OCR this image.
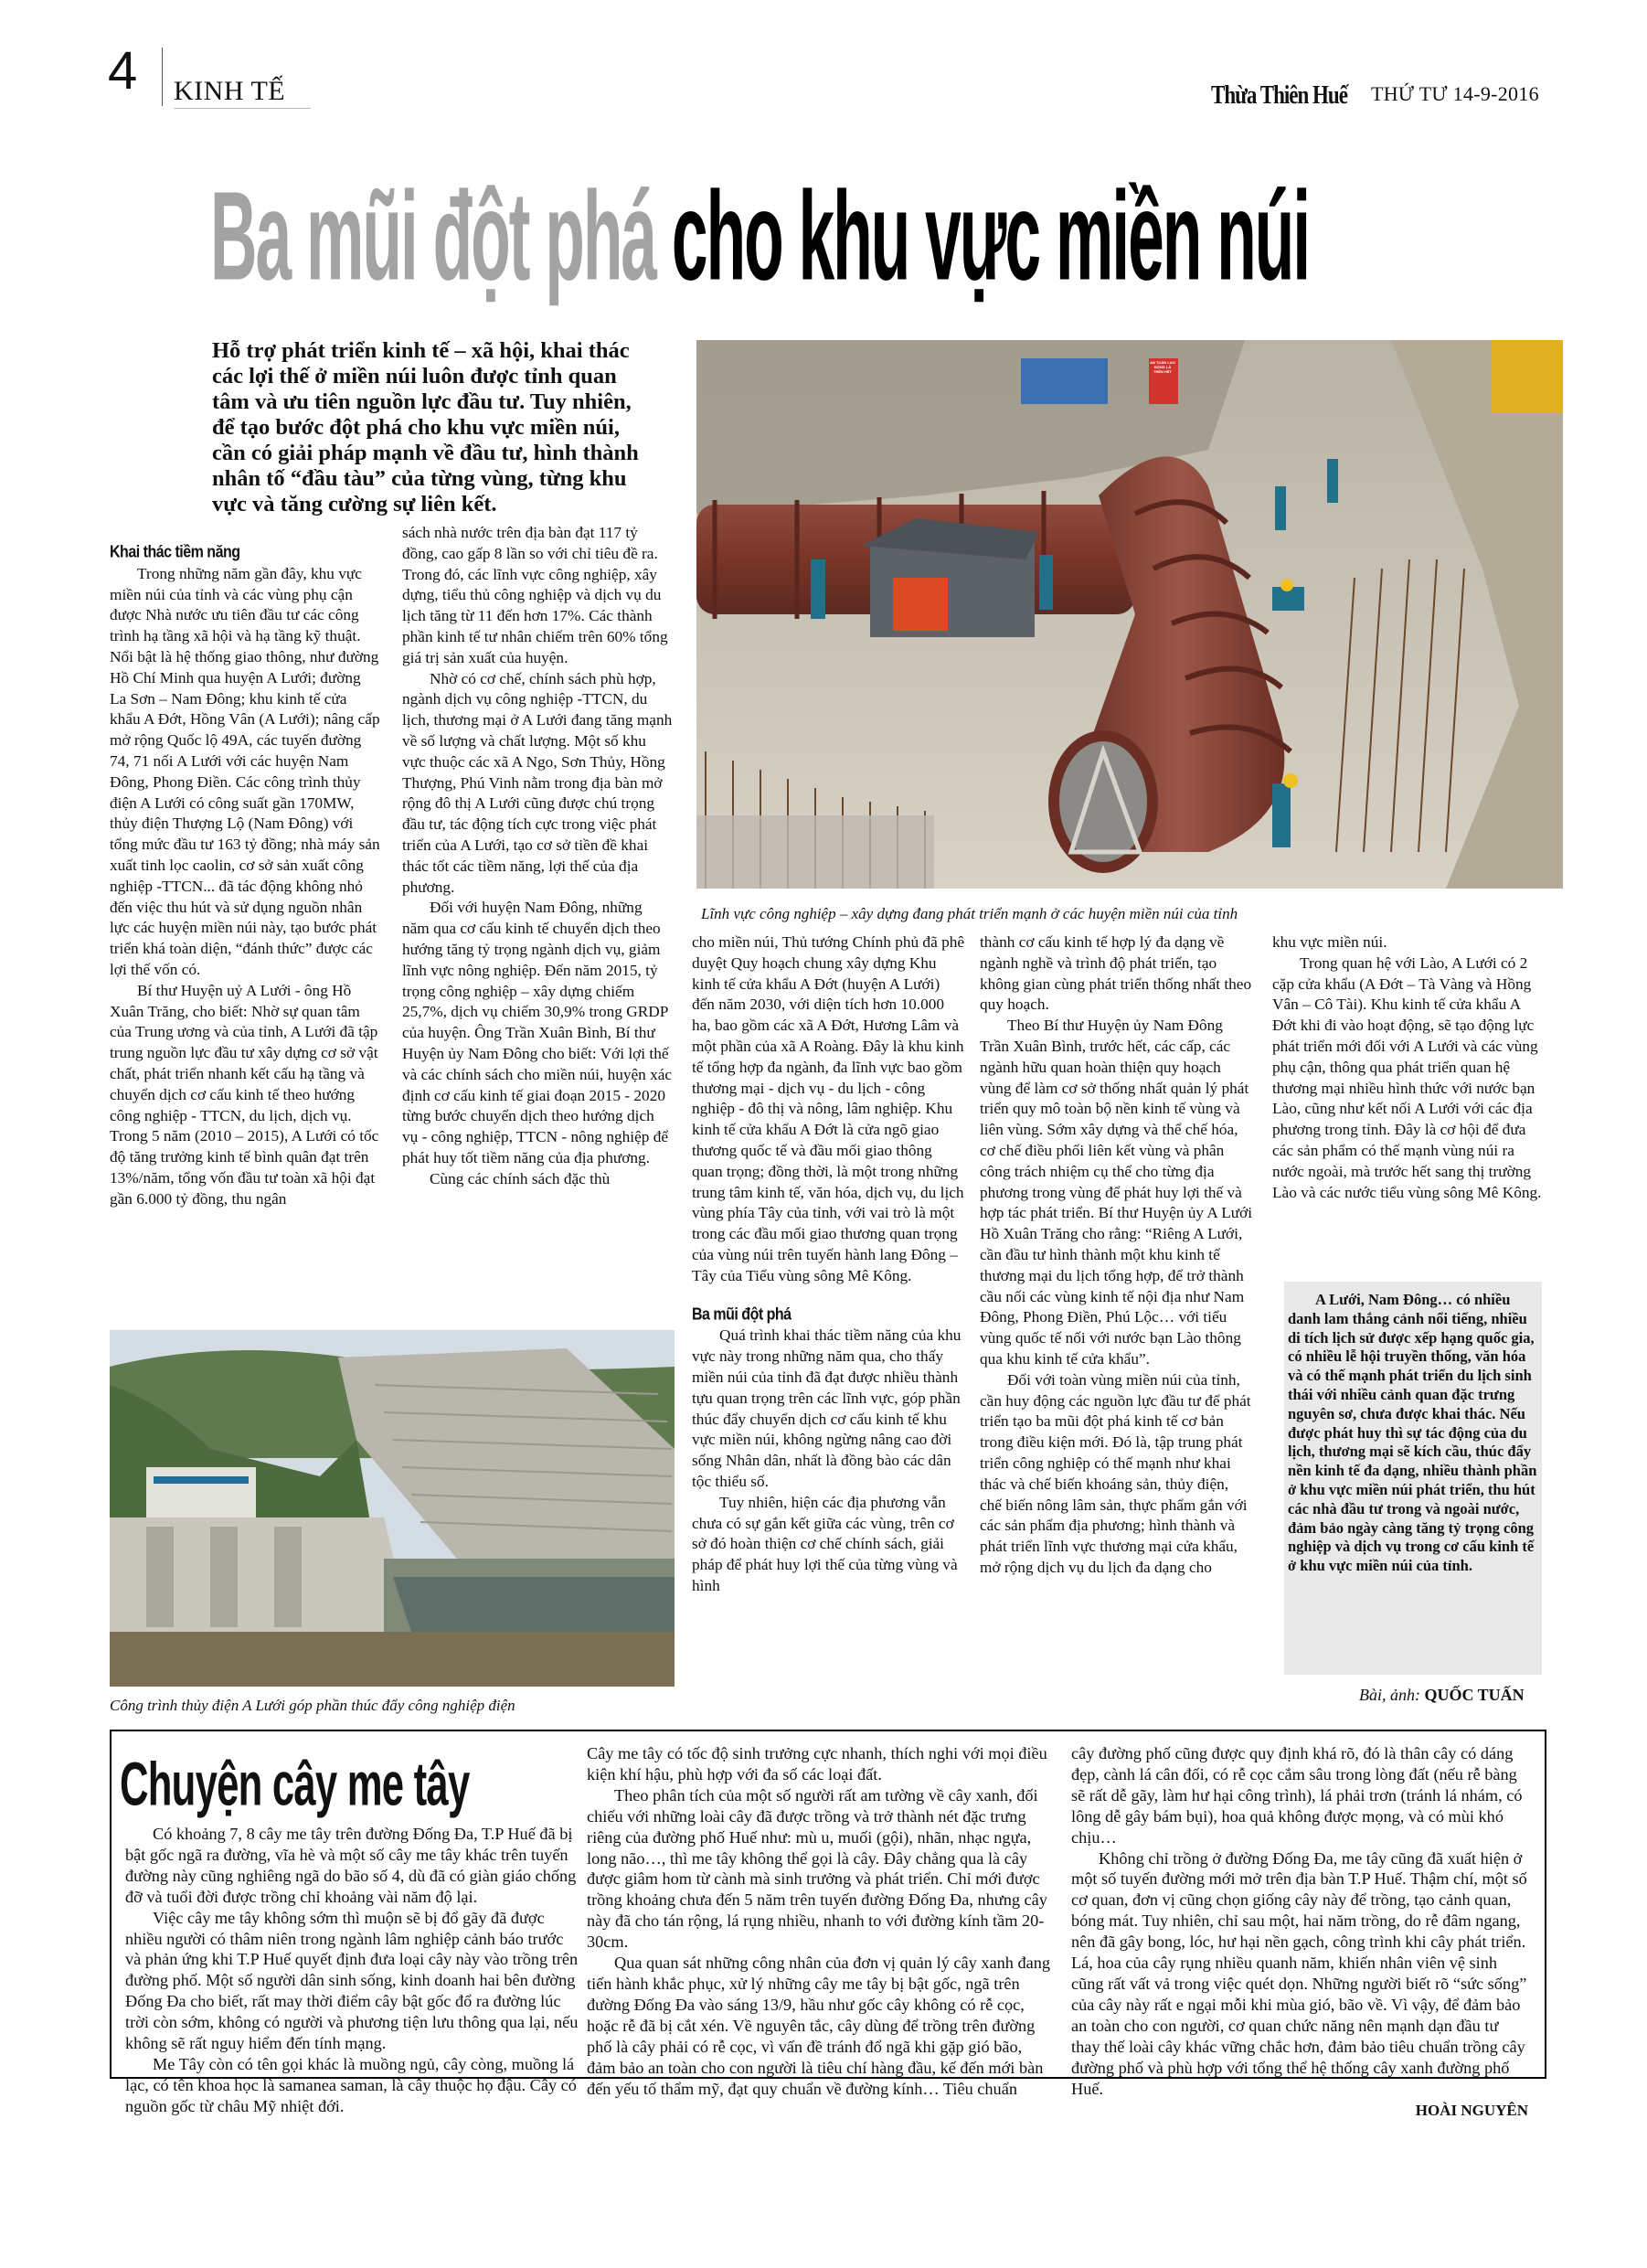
4 KINH TẾ	Thừa Thiên Huế THỨ TƯ 14-9-2016
Ba mũi đột phá cho khu vực miền núi
Hỗ trợ phát triển kinh tế – xã hội, khai thác các lợi thế ở miền núi luôn được tỉnh quan tâm và ưu tiên nguồn lực đầu tư. Tuy nhiên, để tạo bước đột phá cho khu vực miền núi, cần có giải pháp mạnh về đầu tư, hình thành nhân tố “đầu tàu” của từng vùng, từng khu vực và tăng cường sự liên kết.
Lĩnh vực công nghiệp – xây dựng đang phát triển mạnh ở các huyện miền núi của tỉnh
Khai thác tiềm năng

Trong những năm gần đây, khu vực miền núi của tỉnh và các vùng phụ cận được Nhà nước ưu tiên đầu tư các công trình hạ tầng xã hội và hạ tầng kỹ thuật. Nổi bật là hệ thống giao thông, như đường Hồ Chí Minh qua huyện A Lưới; đường La Sơn – Nam Đông; khu kinh tế cửa khẩu A Đớt, Hồng Vân (A Lưới); nâng cấp mở rộng Quốc lộ 49A, các tuyến đường 74, 71 nối A Lưới với các huyện Nam Đông, Phong Điền. Các công trình thủy điện A Lưới có công suất gần 170MW, thủy điện Thượng Lộ (Nam Đông) với tổng mức đầu tư 163 tỷ đồng; nhà máy sản xuất tinh lọc caolin, cơ sở sản xuất công nghiệp -TTCN... đã tác động không nhỏ đến việc thu hút và sử dụng nguồn nhân lực các huyện miền núi này, tạo bước phát triển khá toàn diện, “đánh thức” được các lợi thế vốn có.

Bí thư Huyện uỷ A Lưới - ông Hồ Xuân Trăng, cho biết: Nhờ sự quan tâm của Trung ương và của tỉnh, A Lưới đã tập trung nguồn lực đầu tư xây dựng cơ sở vật chất, phát triển nhanh kết cấu hạ tầng và chuyển dịch cơ cấu kinh tế theo hướng công nghiệp - TTCN, du lịch, dịch vụ. Trong 5 năm (2010 – 2015), A Lưới có tốc độ tăng trưởng kinh tế bình quân đạt trên 13%/năm, tổng vốn đầu tư toàn xã hội đạt gần 6.000 tỷ đồng, thu ngân

sách nhà nước trên địa bàn đạt 117 tỷ đồng, cao gấp 8 lần so với chỉ tiêu đề ra. Trong đó, các lĩnh vực công nghiệp, xây dựng, tiểu thủ công nghiệp và dịch vụ du lịch tăng từ 11 đến hơn 17%. Các thành phần kinh tế tư nhân chiếm trên 60% tổng giá trị sản xuất của huyện.

Nhờ có cơ chế, chính sách phù hợp, ngành dịch vụ công nghiệp -TTCN, du lịch, thương mại ở A Lưới đang tăng mạnh về số lượng và chất lượng. Một số khu vực thuộc các xã A Ngo, Sơn Thủy, Hồng Thượng, Phú Vinh nằm trong địa bàn mở rộng đô thị A Lưới cũng được chú trọng đầu tư, tác động tích cực trong việc phát triển của A Lưới, tạo cơ sở tiền đề khai thác tốt các tiềm năng, lợi thế của địa phương.

Đối với huyện Nam Đông, những năm qua cơ cấu kinh tế chuyển dịch theo hướng tăng tỷ trọng ngành dịch vụ, giảm lĩnh vực nông nghiệp. Đến năm 2015, tỷ trọng công nghiệp – xây dựng chiếm 25,7%, dịch vụ chiếm 30,9% trong GRDP của huyện. Ông Trần Xuân Bình, Bí thư Huyện ủy Nam Đông cho biết: Với lợi thế và các chính sách cho miền núi, huyện xác định cơ cấu kinh tế giai đoạn 2015 - 2020 từng bước chuyển dịch theo hướng dịch vụ - công nghiệp, TTCN - nông nghiệp để phát huy tốt tiềm năng của địa phương.

Cùng các chính sách đặc thù

Công trình thủy điện A Lưới góp phần thúc đẩy công nghiệp điện

cho miền núi, Thủ tướng Chính phủ đã phê duyệt Quy hoạch chung xây dựng Khu kinh tế cửa khẩu A Đớt (huyện A Lưới) đến năm 2030, với diện tích hơn 10.000 ha, bao gồm các xã A Đớt, Hương Lâm và một phần của xã A Roàng. Đây là khu kinh tế tổng hợp đa ngành, đa lĩnh vực bao gồm thương mại - dịch vụ - du lịch - công nghiệp - đô thị và nông, lâm nghiệp. Khu kinh tế cửa khẩu A Đớt là cửa ngõ giao thương quốc tế và đầu mối giao thông quan trọng; đồng thời, là một trong những trung tâm kinh tế, văn hóa, dịch vụ, du lịch vùng phía Tây của tỉnh, với vai trò là một trong các đầu mối giao thương quan trọng của vùng núi trên tuyến hành lang Đông – Tây của Tiểu vùng sông Mê Kông.

Ba mũi đột phá

Quá trình khai thác tiềm năng của khu vực này trong những năm qua, cho thấy miền núi của tỉnh đã đạt được nhiều thành tựu quan trọng trên các lĩnh vực, góp phần thúc đẩy chuyển dịch cơ cấu kinh tế khu vực miền núi, không ngừng nâng cao đời sống Nhân dân, nhất là đồng bào các dân tộc thiểu số.

Tuy nhiên, hiện các địa phương vẫn chưa có sự gắn kết giữa các vùng, trên cơ sở đó hoàn thiện cơ chế chính sách, giải pháp để phát huy lợi thế của từng vùng và hình

thành cơ cấu kinh tế hợp lý đa dạng về ngành nghề và trình độ phát triển, tạo không gian cùng phát triển thống nhất theo quy hoạch.

Theo Bí thư Huyện ủy Nam Đông Trần Xuân Bình, trước hết, các cấp, các ngành hữu quan hoàn thiện quy hoạch vùng để làm cơ sở thống nhất quản lý phát triển quy mô toàn bộ nền kinh tế vùng và liên vùng. Sớm xây dựng và thể chế hóa, cơ chế điều phối liên kết vùng và phân công trách nhiệm cụ thể cho từng địa phương trong vùng để phát huy lợi thế và hợp tác phát triển. Bí thư Huyện ủy A Lưới Hồ Xuân Trăng cho rằng: “Riêng A Lưới, cần đầu tư hình thành một khu kinh tế thương mại du lịch tổng hợp, để trở thành cầu nối các vùng kinh tế nội địa như Nam Đông, Phong Điền, Phú Lộc… với tiểu vùng quốc tế nối với nước bạn Lào thông qua khu kinh tế cửa khẩu”.

Đối với toàn vùng miền núi của tỉnh, cần huy động các nguồn lực đầu tư để phát triển tạo ba mũi đột phá kinh tế cơ bản trong điều kiện mới. Đó là, tập trung phát triển công nghiệp có thế mạnh như khai thác và chế biến khoáng sản, thủy điện, chế biến nông lâm sản, thực phẩm gắn với các sản phẩm địa phương; hình thành và phát triển lĩnh vực thương mại cửa khẩu, mở rộng dịch vụ du lịch đa dạng cho

khu vực miền núi.

Trong quan hệ với Lào, A Lưới có 2 cặp cửa khẩu (A Đớt – Tà Vàng và Hồng Vân – Cô Tài). Khu kinh tế cửa khẩu A Đớt khi đi vào hoạt động, sẽ tạo động lực phát triển mới đối với A Lưới và các vùng phụ cận, thông qua phát triển quan hệ thương mại nhiều hình thức với nước bạn Lào, cũng như kết nối A Lưới với các địa phương trong tỉnh. Đây là cơ hội để đưa các sản phẩm có thế mạnh vùng núi ra nước ngoài, mà trước hết sang thị trường Lào và các nước tiểu vùng sông Mê Kông.

A Lưới, Nam Đông… có nhiều danh lam thắng cảnh nổi tiếng, nhiều di tích lịch sử được xếp hạng quốc gia, có nhiều lễ hội truyền thống, văn hóa và có thế mạnh phát triển du lịch sinh thái với nhiều cảnh quan đặc trưng nguyên sơ, chưa được khai thác. Nếu được phát huy thì sự tác động của du lịch, thương mại sẽ kích cầu, thúc đẩy nền kinh tế đa dạng, nhiều thành phần ở khu vực miền núi phát triển, thu hút các nhà đầu tư trong và ngoài nước, đảm bảo ngày càng tăng tỷ trọng công nghiệp và dịch vụ trong cơ cấu kinh tế ở khu vực miền núi của tỉnh.

Bài, ảnh: QUỐC TUẤN
Chuyện cây me tây

Có khoảng 7, 8 cây me tây trên đường Đống Đa, T.P Huế đã bị bật gốc ngã ra đường, vĩa hè và một số cây me tây khác trên tuyến đường này cũng nghiêng ngã do bão số 4, dù đã có giàn giáo chống đỡ và tuổi đời được trồng chỉ khoảng vài năm độ lại.

Việc cây me tây không sớm thì muộn sẽ bị đổ gãy đã được nhiều người có thâm niên trong ngành lâm nghiệp cảnh báo trước và phản ứng khi T.P Huế quyết định đưa loại cây này vào trồng trên đường phố. Một số người dân sinh sống, kinh doanh hai bên đường Đống Đa cho biết, rất may thời điểm cây bật gốc đổ ra đường lúc trời còn sớm, không có người và phương tiện lưu thông qua lại, nếu không sẽ rất nguy hiểm đến tính mạng.

Me Tây còn có tên gọi khác là muồng ngủ, cây còng, muồng lá lạc, có tên khoa học là samanea saman, là cây thuộc họ đậu. Cây có nguồn gốc từ châu Mỹ nhiệt đới.

Cây me tây có tốc độ sinh trưởng cực nhanh, thích nghi với mọi điều kiện khí hậu, phù hợp với đa số các loại đất.

Theo phân tích của một số người rất am tường về cây xanh, đối chiếu với những loài cây đã được trồng và trở thành nét đặc trưng riêng của đường phố Huế như: mù u, muối (gội), nhãn, nhạc ngựa, long não…, thì me tây không thể gọi là cây. Đây chẳng qua là cây được giâm hom từ cành mà sinh trưởng và phát triển. Chỉ mới được trồng khoảng chưa đến 5 năm trên tuyến đường Đống Đa, nhưng cây này đã cho tán rộng, lá rụng nhiều, nhanh to với đường kính tầm 20- 30cm.

Qua quan sát những công nhân của đơn vị quản lý cây xanh đang tiến hành khắc phục, xử lý những cây me tây bị bật gốc, ngã trên đường Đống Đa vào sáng 13/9, hầu như gốc cây không có rễ cọc, hoặc rễ đã bị cắt xén. Về nguyên tắc, cây dùng để trồng trên đường phố là cây phải có rễ cọc, vì vấn đề tránh đổ ngã khi gặp gió bão, đảm bảo an toàn cho con người là tiêu chí hàng đầu, kế đến mới bàn đến yếu tố thẩm mỹ, đạt quy chuẩn về đường kính… Tiêu chuẩn

cây đường phố cũng được quy định khá rõ, đó là thân cây có dáng đẹp, cành lá cân đối, có rễ cọc cắm sâu trong lòng đất (nếu rễ bàng sẽ rất dễ gãy, làm hư hại công trình), lá phải trơn (tránh lá nhám, có lông dễ gây bám bụi), hoa quả không được mọng, và có mùi khó chịu…

Không chỉ trồng ở đường Đống Đa, me tây cũng đã xuất hiện ở một số tuyến đường mới mở trên địa bàn T.P Huế. Thậm chí, một số cơ quan, đơn vị cũng chọn giống cây này để trồng, tạo cảnh quan, bóng mát. Tuy nhiên, chỉ sau một, hai năm trồng, do rễ đâm ngang, nên đã gây bong, lóc, hư hại nền gạch, công trình khi cây phát triển. Lá, hoa của cây rụng nhiều quanh năm, khiến nhân viên vệ sinh cũng rất vất vả trong việc quét dọn. Những người biết rõ “sức sống” của cây này rất e ngại mỗi khi mùa gió, bão về. Vì vậy, để đảm bảo an toàn cho con người, cơ quan chức năng nên mạnh dạn đầu tư thay thế loài cây khác vững chắc hơn, đảm bảo tiêu chuẩn trồng cây đường phố và phù hợp với tổng thể hệ thống cây xanh đường phố Huế.

HOÀI NGUYÊN
AN TOÀN LAO ĐỘNG LÀ TRÊN HẾT
